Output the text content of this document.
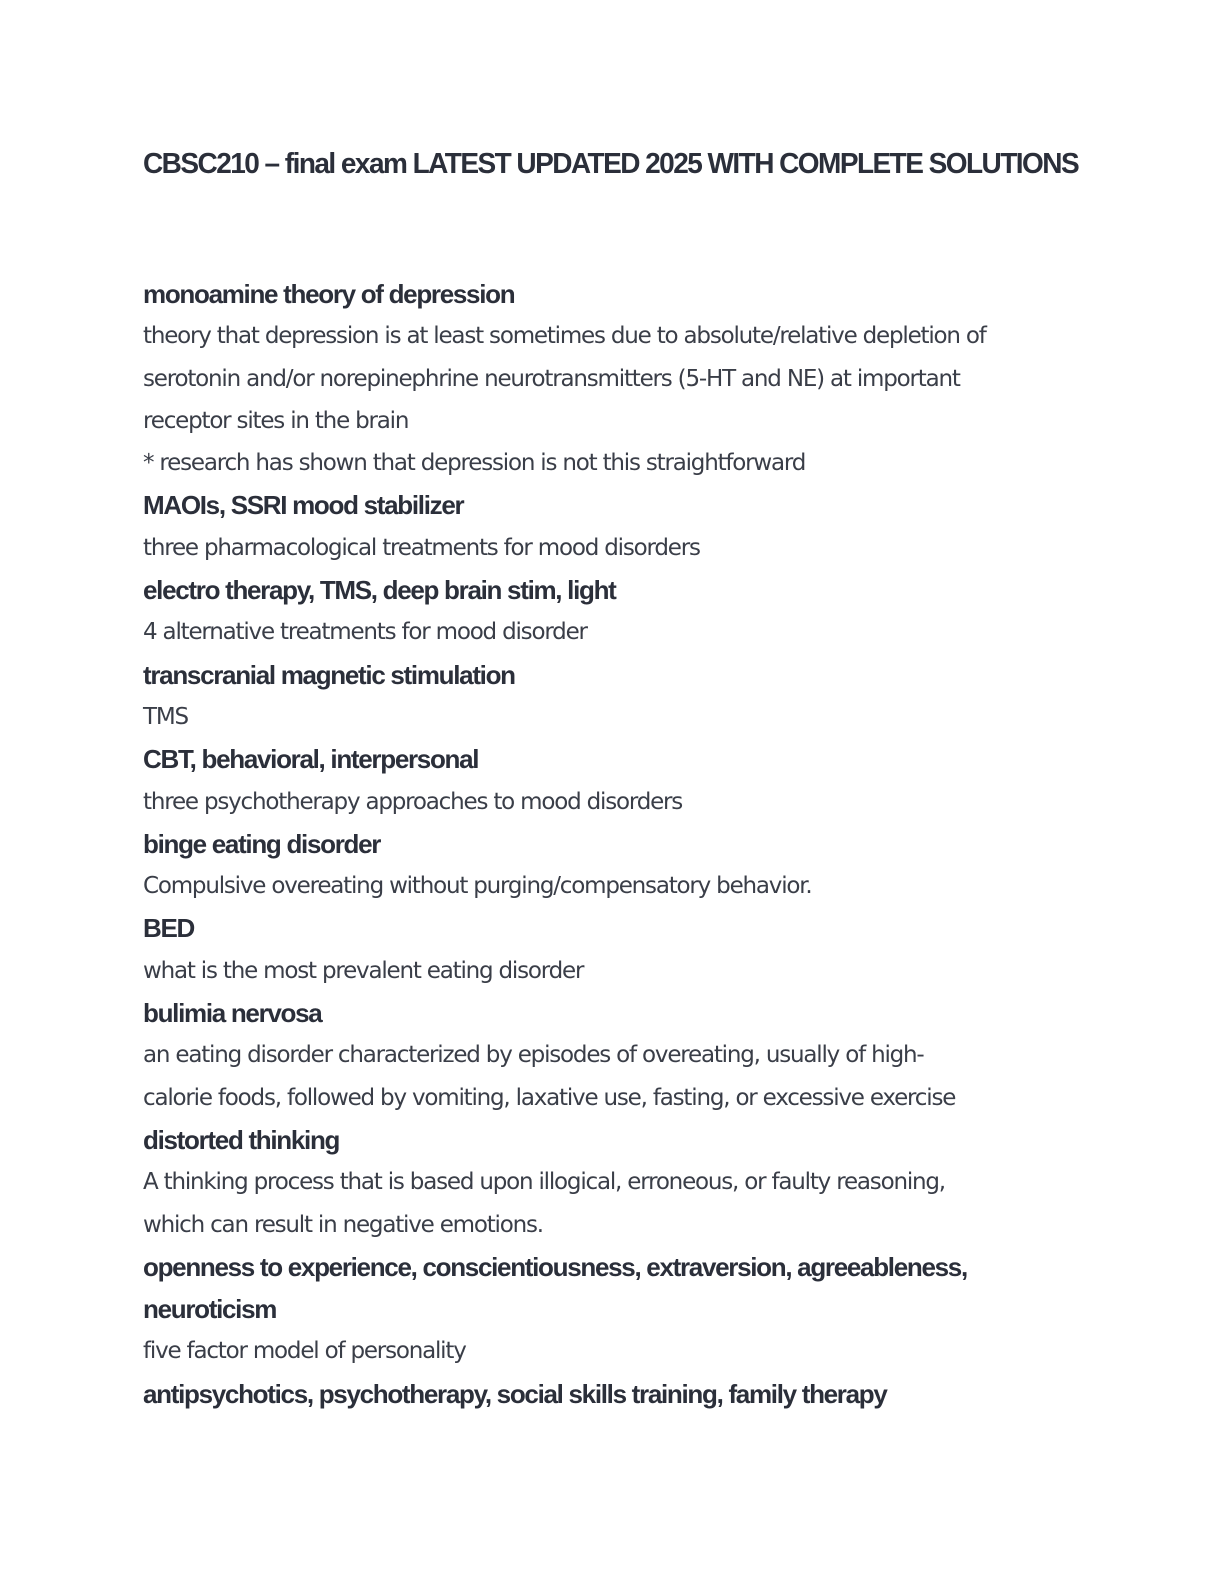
CBSC210 – final exam LATEST UPDATED 2025 WITH COMPLETE SOLUTIONS
monoamine theory of depression
theory that depression is at least sometimes due to absolute/relative depletion of
serotonin and/or norepinephrine neurotransmitters (5-HT and NE) at important
receptor sites in the brain
* research has shown that depression is not this straightforward
MAOIs, SSRI mood stabilizer
three pharmacological treatments for mood disorders
electro therapy, TMS, deep brain stim, light
4 alternative treatments for mood disorder
transcranial magnetic stimulation
TMS
CBT, behavioral, interpersonal
three psychotherapy approaches to mood disorders
binge eating disorder
Compulsive overeating without purging/compensatory behavior.
BED
what is the most prevalent eating disorder
bulimia nervosa
an eating disorder characterized by episodes of overeating, usually of high-
calorie foods, followed by vomiting, laxative use, fasting, or excessive exercise
distorted thinking
A thinking process that is based upon illogical, erroneous, or faulty reasoning,
which can result in negative emotions.
openness to experience, conscientiousness, extraversion, agreeableness,
neuroticism
five factor model of personality
antipsychotics, psychotherapy, social skills training, family therapy
